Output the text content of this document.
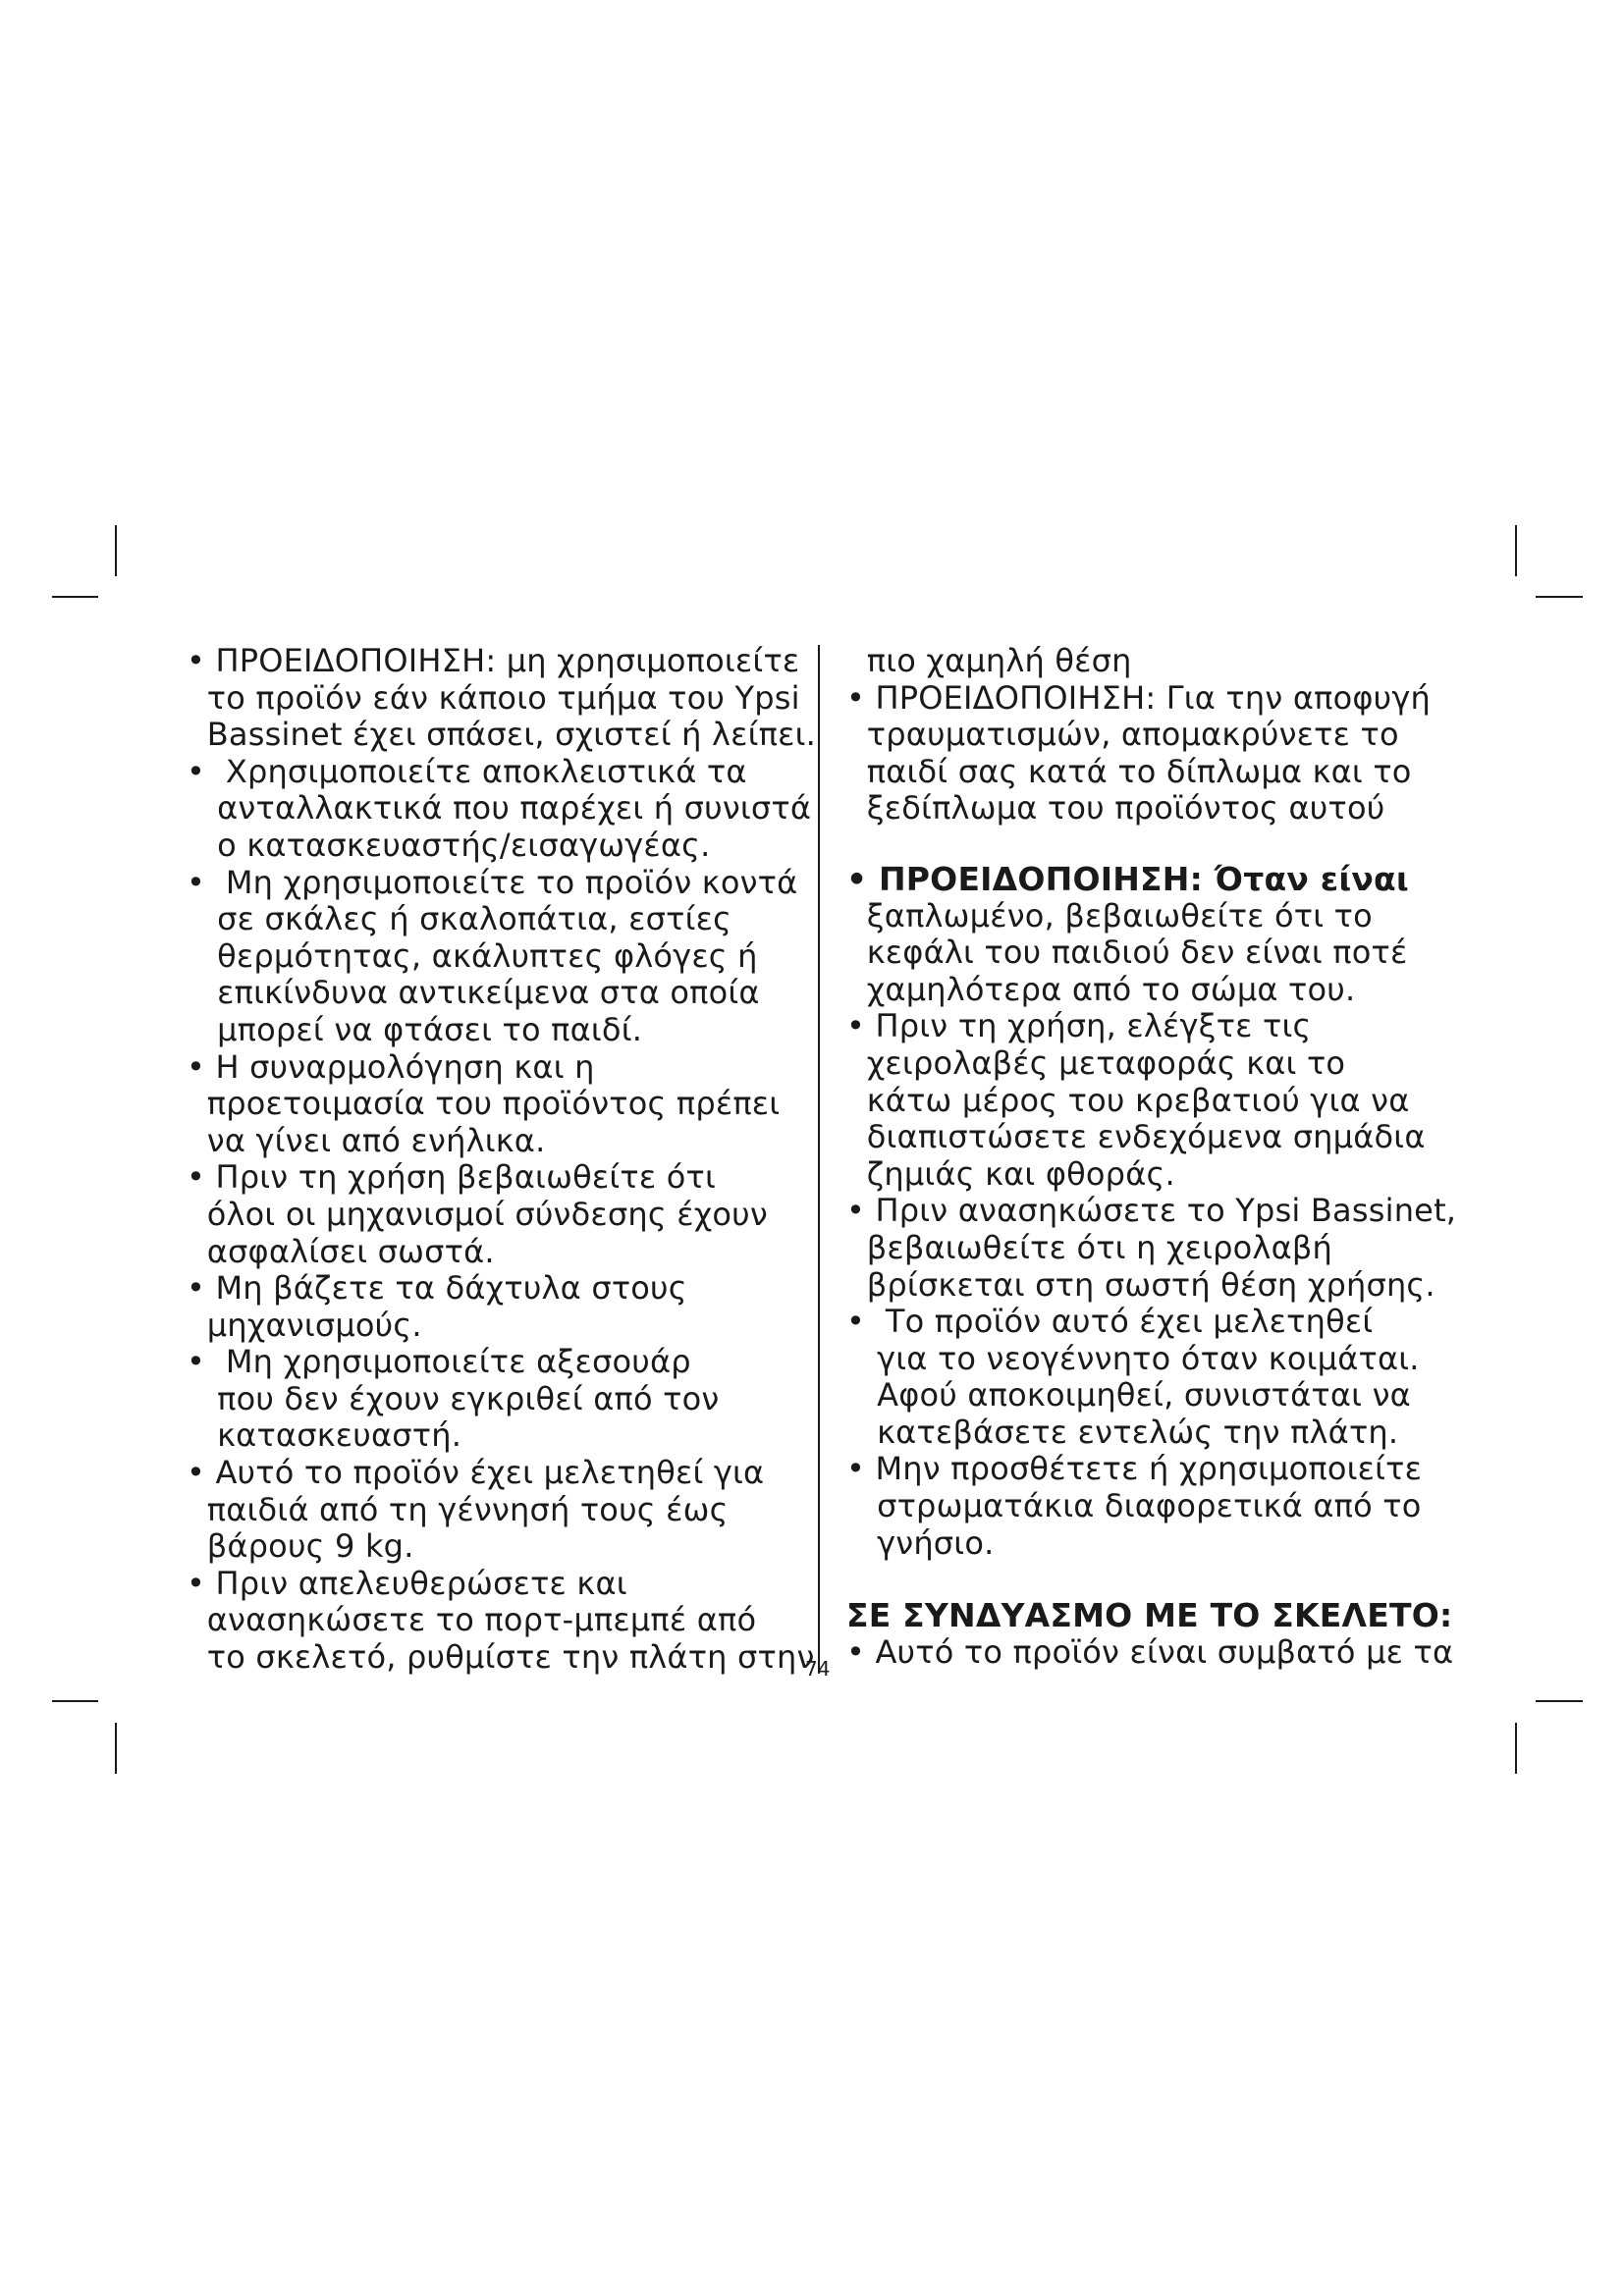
• ΠΡΟΕΙΔΟΠΟΙΗΣΗ: μη χρησιμοποιείτε
το προϊόν εάν κάποιο τμήμα του Ypsi
Bassinet έχει σπάσει, σχιστεί ή λείπει.
•  Χρησιμοποιείτε αποκλειστικά τα
ανταλλακτικά που παρέχει ή συνιστά
ο κατασκευαστής/εισαγωγέας.
•  Μη χρησιμοποιείτε το προϊόν κοντά
σε σκάλες ή σκαλοπάτια, εστίες
θερμότητας, ακάλυπτες φλόγες ή
επικίνδυνα αντικείμενα στα οποία
μπορεί να φτάσει το παιδί.
• Η συναρμολόγηση και η
προετοιμασία του προϊόντος πρέπει
να γίνει από ενήλικα.
• Πριν τη χρήση βεβαιωθείτε ότι
όλοι οι μηχανισμοί σύνδεσης έχουν
ασφαλίσει σωστά.
• Μη βάζετε τα δάχτυλα στους
μηχανισμούς.
•  Μη χρησιμοποιείτε αξεσουάρ
που δεν έχουν εγκριθεί από τον
κατασκευαστή.
• Αυτό το προϊόν έχει μελετηθεί για
παιδιά από τη γέννησή τους έως
βάρους 9 kg.
• Πριν απελευθερώσετε και
ανασηκώσετε το πορτ-μπεμπέ από
το σκελετό, ρυθμίστε την πλάτη στην
πιο χαμηλή θέση
• ΠΡΟΕΙΔΟΠΟΙΗΣΗ: Για την αποφυγή
τραυματισμών, απομακρύνετε το
παιδί σας κατά το δίπλωμα και το
ξεδίπλωμα του προϊόντος αυτού
• ΠΡΟΕΙΔΟΠΟΙΗΣΗ: Όταν είναι
ξαπλωμένο, βεβαιωθείτε ότι το
κεφάλι του παιδιού δεν είναι ποτέ
χαμηλότερα από το σώμα του.
• Πριν τη χρήση, ελέγξτε τις
χειρολαβές μεταφοράς και το
κάτω μέρος του κρεβατιού για να
διαπιστώσετε ενδεχόμενα σημάδια
ζημιάς και φθοράς.
• Πριν ανασηκώσετε το Ypsi Bassinet,
βεβαιωθείτε ότι η χειρολαβή
βρίσκεται στη σωστή θέση χρήσης.
•  Το προϊόν αυτό έχει μελετηθεί
για το νεογέννητο όταν κοιμάται.
Αφού αποκοιμηθεί, συνιστάται να
κατεβάσετε εντελώς την πλάτη.
• Μην προσθέτετε ή χρησιμοποιείτε
στρωματάκια διαφορετικά από το
γνήσιο.
ΣΕ ΣΥΝΔΥΑΣΜΟ ΜΕ ΤΟ ΣΚΕΛΕΤΟ:
• Αυτό το προϊόν είναι συμβατό με τα
74
